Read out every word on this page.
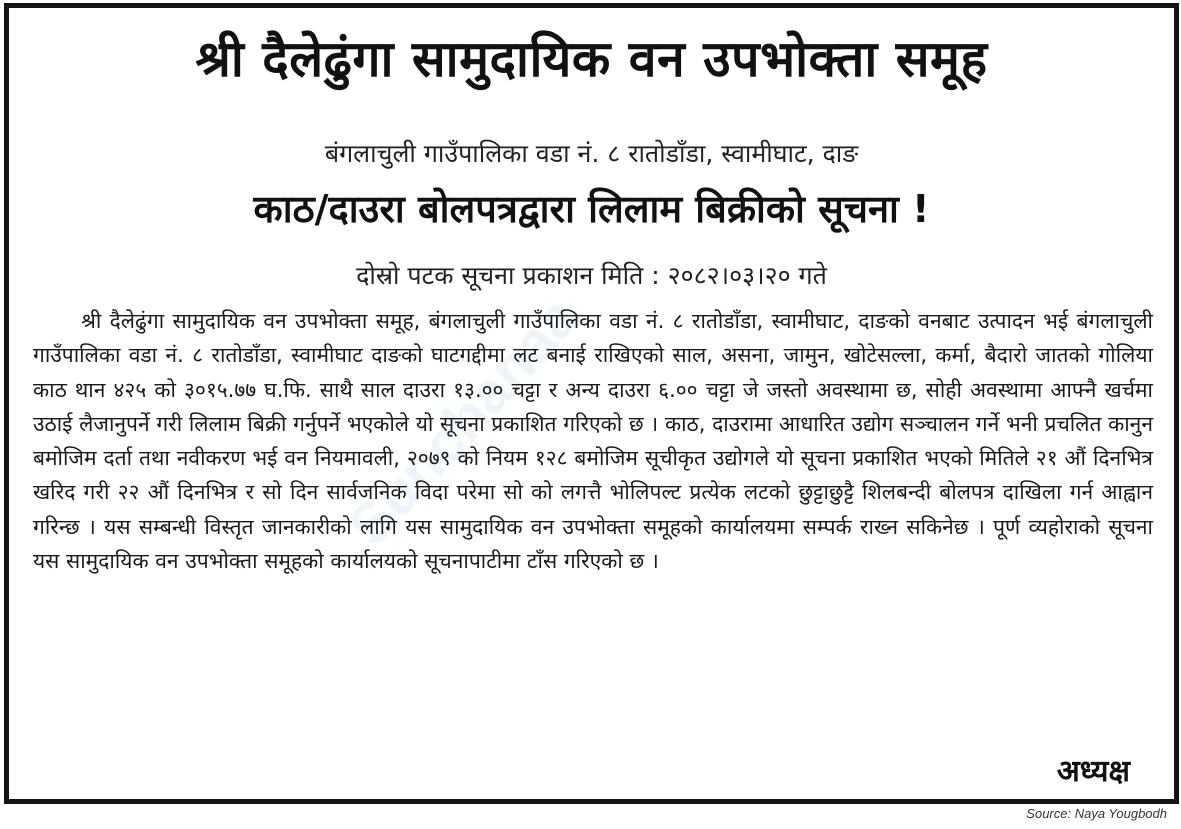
श्री दैलेढुंगा सामुदायिक वन उपभोक्ता समूह
बंगलाचुली गाउँपालिका वडा नं. ८ रातोडाँडा, स्वामीघाट, दाङ
काठ/दाउरा बोलपत्रद्वारा लिलाम बिक्रीको सूचना !
दोस्रो पटक सूचना प्रकाशन मिति : २०८२।०३।२० गते
Sunchanaa

श्री दैलेढुंगा सामुदायिक वन उपभोक्ता समूह, बंगलाचुली गाउँपालिका वडा नं. ८ रातोडाँडा, स्वामीघाट, दाङको वनबाट उत्पादन भई बंगलाचुली गाउँपालिका वडा नं. ८ रातोडाँडा, स्वामीघाट दाङको घाटगद्दीमा लट बनाई राखिएको साल, असना, जामुन, खोटेसल्ला, कर्मा, बैदारो जातको गोलिया काठ थान ४२५ को ३०१५.७७ घ.फि. साथै साल दाउरा १३.०० चट्टा र अन्य दाउरा ६.०० चट्टा जे जस्तो अवस्थामा छ, सोही अवस्थामा आफ्नै खर्चमा उठाई लैजानुपर्ने गरी लिलाम बिक्री गर्नुपर्ने भएकोले यो सूचना प्रकाशित गरिएको छ । काठ, दाउरामा आधारित उद्योग सञ्चालन गर्ने भनी प्रचलित कानुन बमोजिम दर्ता तथा नवीकरण भई वन नियमावली, २०७९ को नियम १२८ बमोजिम सूचीकृत उद्योगले यो सूचना प्रकाशित भएको मितिले २१ औं दिनभित्र खरिद गरी २२ औं दिनभित्र र सो दिन सार्वजनिक विदा परेमा सो को लगत्तै भोलिपल्ट प्रत्येक लटको छुट्टाछुट्टै शिलबन्दी बोलपत्र दाखिला गर्न आह्वान गरिन्छ । यस सम्बन्धी विस्तृत जानकारीको लागि यस सामुदायिक वन उपभोक्ता समूहको कार्यालयमा सम्पर्क राख्न सकिनेछ । पूर्ण व्यहोराको सूचना यस सामुदायिक वन उपभोक्ता समूहको कार्यालयको सूचनापाटीमा टाँस गरिएको छ ।

अध्यक्ष
Source: Naya Yougbodh
